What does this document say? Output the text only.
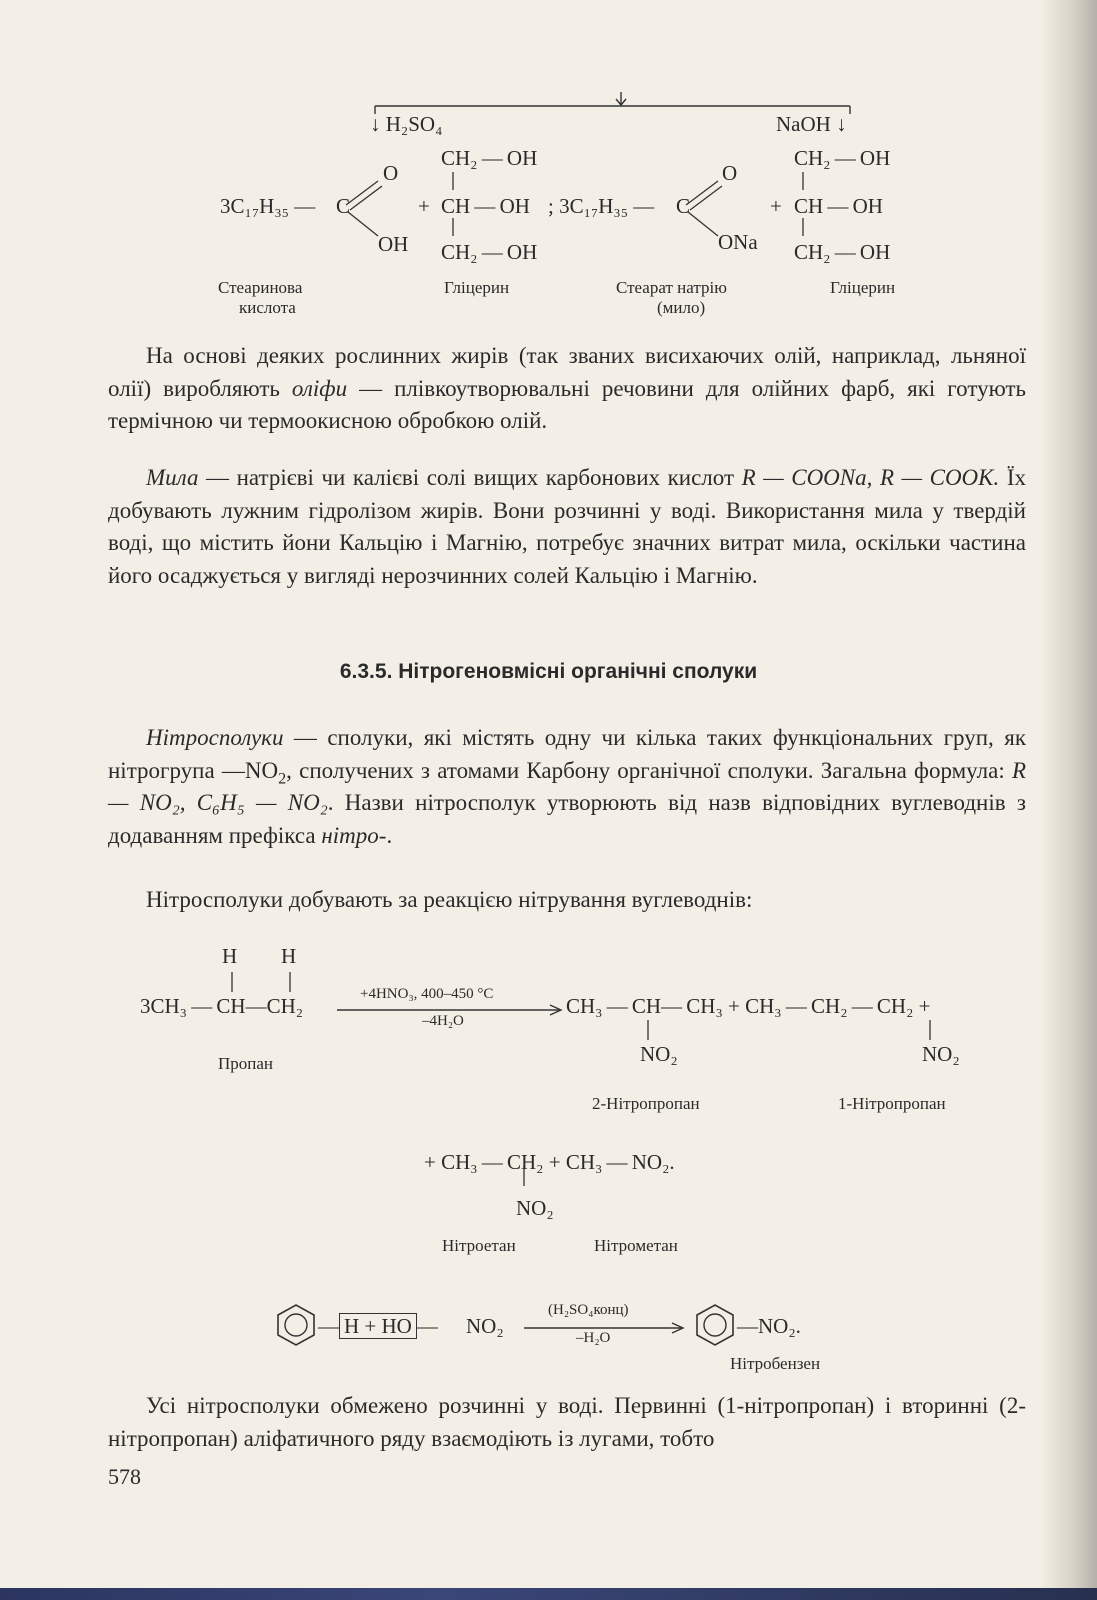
↓ H₂SO₄	NaOH ↓
3C₁₇H₃₅ — C
O
OH
+
CH₂ — OH
CH — OH
CH₂ — OH
; 3C₁₇H₃₅ — C
O
ONa
+
CH₂ — OH
CH — OH
CH₂ — OH
Стеаринова
кислота
Гліцерин	Стеарат натрію
(мило)
Гліцерин

На основі деяких рослинних жирів (так званих висихаючих олій, наприклад, льняної олії) виробляють оліфи — плівкоутворювальні речовини для олійних фарб, які готують термічною чи термоокисною обробкою олій.

Мила — натрієві чи калієві солі вищих карбонових кислот R — COONa, R — COOK. Їх добувають лужним гідролізом жирів. Вони розчинні у воді. Використання мила у твердій воді, що містить йони Кальцію і Магнію, потребує значних витрат мила, оскільки частина його осаджується у вигляді нерозчинних солей Кальцію і Магнію.

6.3.5. Нітрогеновмісні органічні сполуки

Нітросполуки — сполуки, які містять одну чи кілька таких функціональних груп, як нітрогрупа $—NO_2$, сполучених з атомами Карбону органічної сполуки. Загальна формула: R — NO₂, C₆H₅ — NO₂. Назви нітросполук утворюють від назв відповідних вуглеводнів з додаванням префікса нітро-.

Нітросполуки добувають за реакцією нітрування вуглеводнів:

H H
3CH₃ — CH—CH₂	+4HNO₃, 400–450 °C
–4H₂O
CH₃ — CH— CH₃ + CH₃ — CH₂ — CH₂ +
NO₂	NO₂
Пропан
2-Нітропропан	1-Нітропропан
+ CH₃ — CH₂ + CH₃ — NO₂.
NO₂
Нітроетан	Нітрометан
— H + HO — NO₂
(H₂SO₄конц)
–H₂O	—NO₂.
Нітробензен

Усі нітросполуки обмежено розчинні у воді. Первинні (1-нітропропан) і вторинні (2-нітропропан) аліфатичного ряду взаємодіють із лугами, тобто

578
